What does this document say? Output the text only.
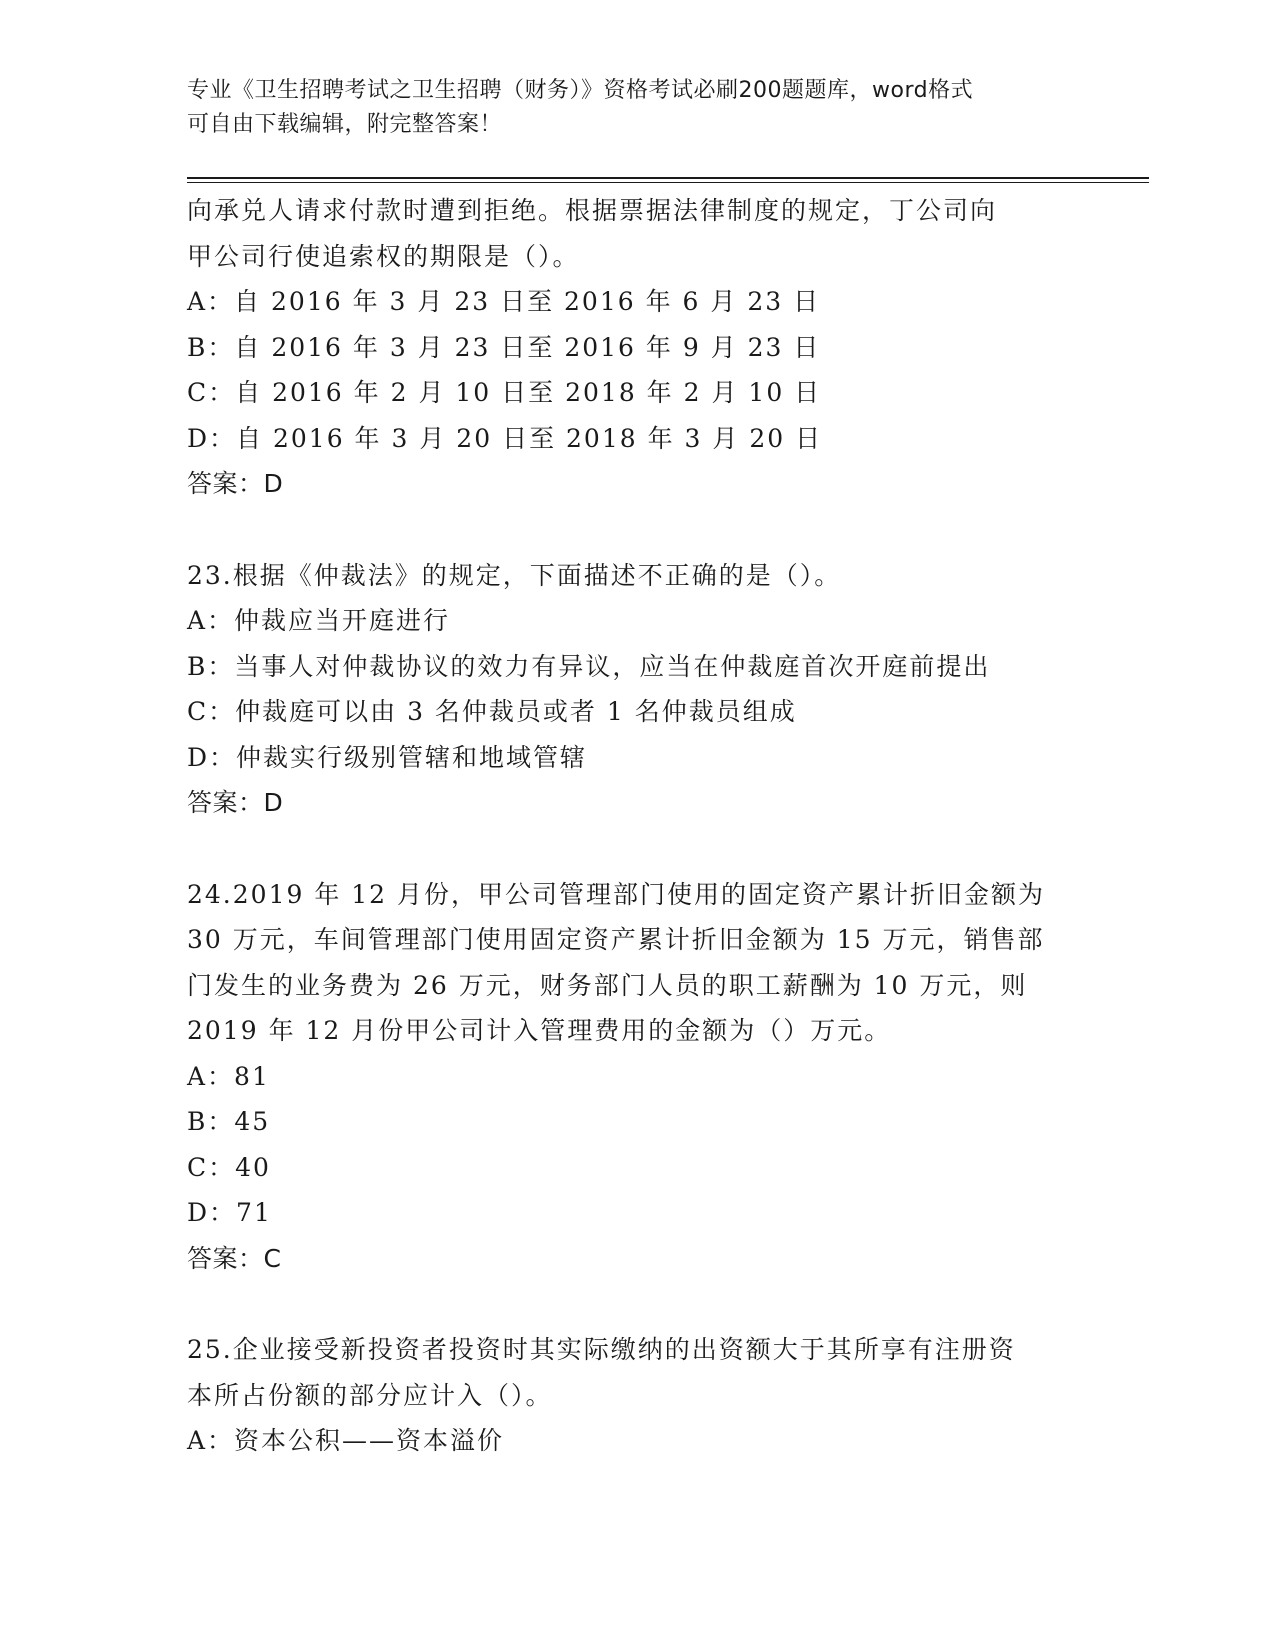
专业《卫生招聘考试之卫生招聘（财务）》资格考试必刷200题题库，word格式
可自由下载编辑，附完整答案！
向承兑人请求付款时遭到拒绝。根据票据法律制度的规定，丁公司向
甲公司行使追索权的期限是（）。
A：自 2016 年 3 月 23 日至 2016 年 6 月 23 日
B：自 2016 年 3 月 23 日至 2016 年 9 月 23 日
C：自 2016 年 2 月 10 日至 2018 年 2 月 10 日
D：自 2016 年 3 月 20 日至 2018 年 3 月 20 日
答案：D
23.根据《仲裁法》的规定，下面描述不正确的是（）。
A：仲裁应当开庭进行
B：当事人对仲裁协议的效力有异议，应当在仲裁庭首次开庭前提出
C：仲裁庭可以由 3 名仲裁员或者 1 名仲裁员组成
D：仲裁实行级别管辖和地域管辖
答案：D
24.2019 年 12 月份，甲公司管理部门使用的固定资产累计折旧金额为
30 万元，车间管理部门使用固定资产累计折旧金额为 15 万元，销售部
门发生的业务费为 26 万元，财务部门人员的职工薪酬为 10 万元，则
2019 年 12 月份甲公司计入管理费用的金额为（）万元。
A：81
B：45
C：40
D：71
答案：C
25.企业接受新投资者投资时其实际缴纳的出资额大于其所享有注册资
本所占份额的部分应计入（）。
A：资本公积——资本溢价
